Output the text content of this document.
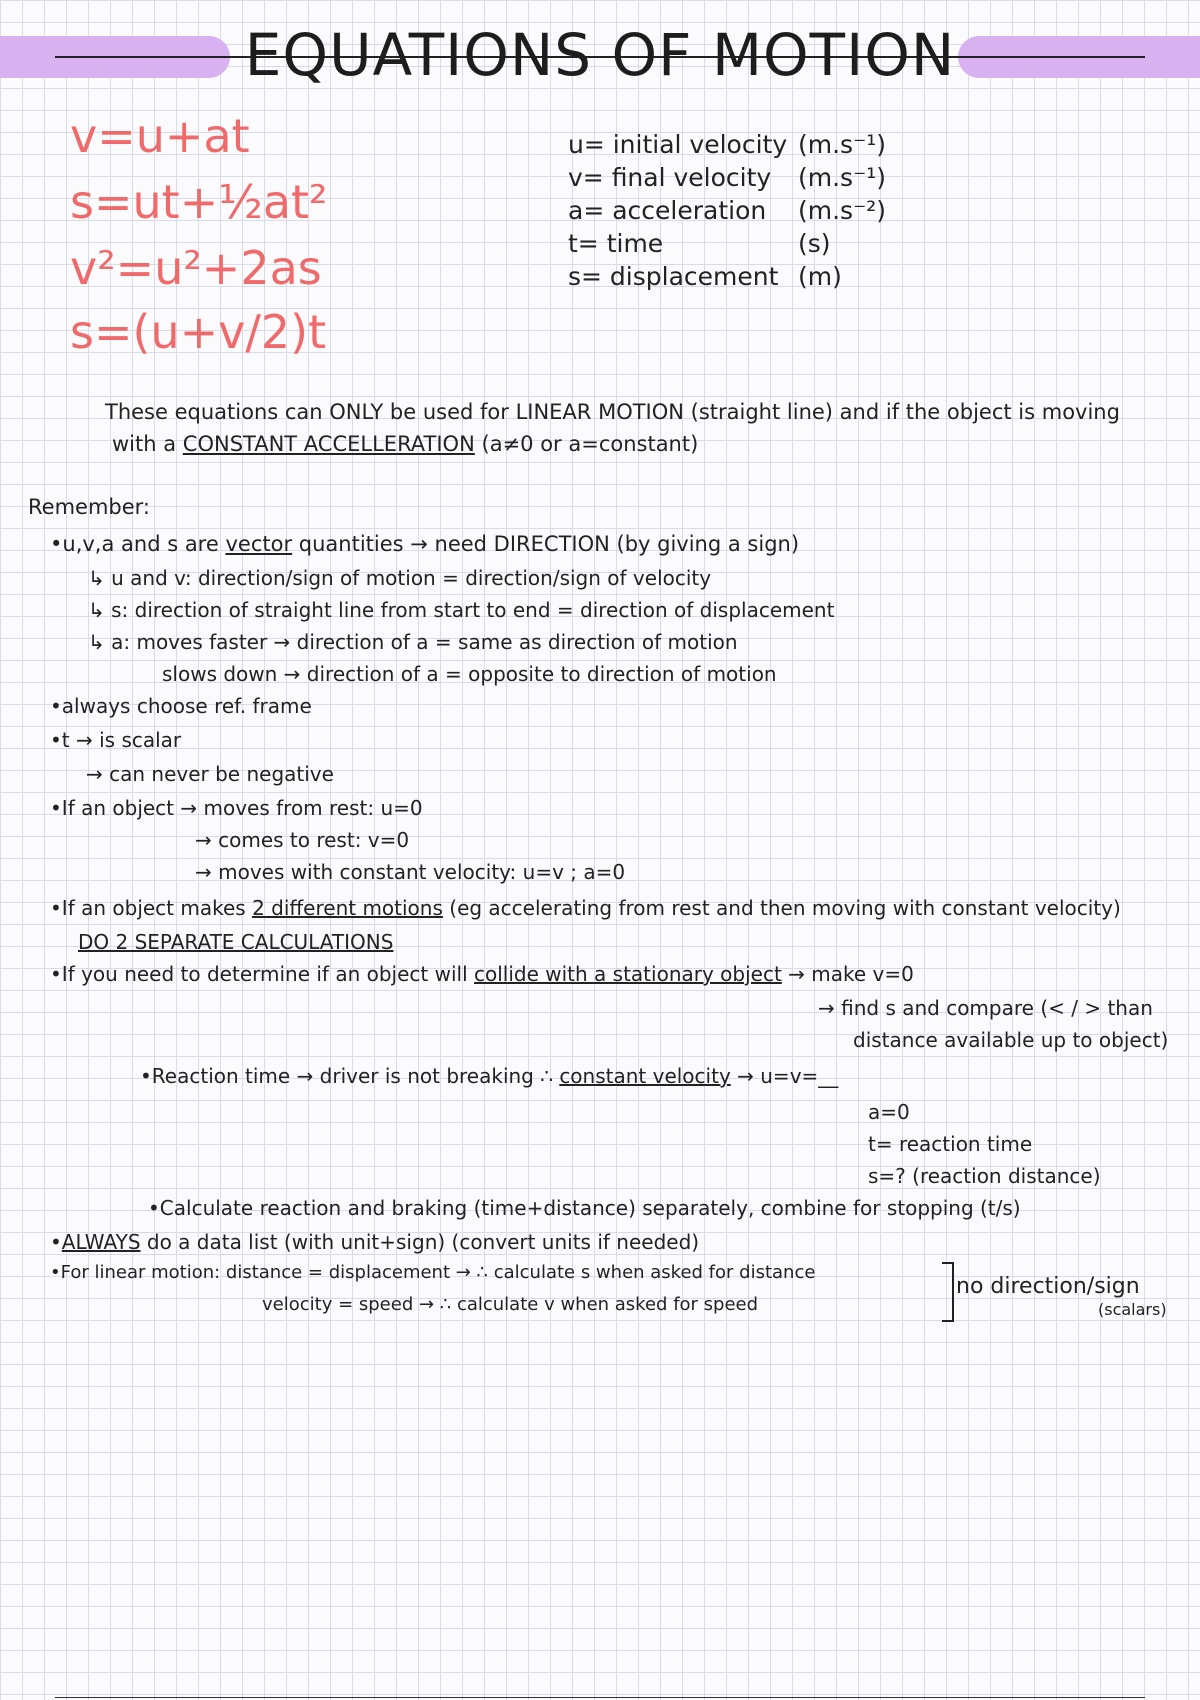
EQUATIONS OF MOTION
v=u+at
s=ut+½at²
v²=u²+2as
s=(u+v/2)t
u= initial velocity (m.s⁻¹)
v= final velocity (m.s⁻¹)
a= acceleration (m.s⁻²)
t= time	(s)
s= displacement (m)
These equations can ONLY be used for LINEAR MOTION (straight line) and if the object is moving
with a CONSTANT ACCELLERATION (a≠0 or a=constant)
Remember:
•u,v,a and s are vector quantities → need DIRECTION (by giving a sign)
↳ u and v: direction/sign of motion = direction/sign of velocity
↳ s: direction of straight line from start to end = direction of displacement
↳ a: moves faster → direction of a = same as direction of motion
slows down → direction of a = opposite to direction of motion
•always choose ref. frame
•t → is scalar
→ can never be negative
•If an object → moves from rest: u=0
→ comes to rest: v=0
→ moves with constant velocity: u=v ; a=0
•If an object makes 2 different motions (eg accelerating from rest and then moving with constant velocity)
DO 2 SEPARATE CALCULATIONS
•If you need to determine if an object will collide with a stationary object → make v=0
→ find s and compare (< / > than
distance available up to object)
•Reaction time → driver is not breaking ∴ constant velocity → u=v=__
a=0
t= reaction time
s=? (reaction distance)
•Calculate reaction and braking (time+distance) separately, combine for stopping (t/s)
•ALWAYS do a data list (with unit+sign) (convert units if needed)
•For linear motion: distance = displacement → ∴ calculate s when asked for distance
velocity = speed → ∴ calculate v when asked for speed
no direction/sign
(scalars)
